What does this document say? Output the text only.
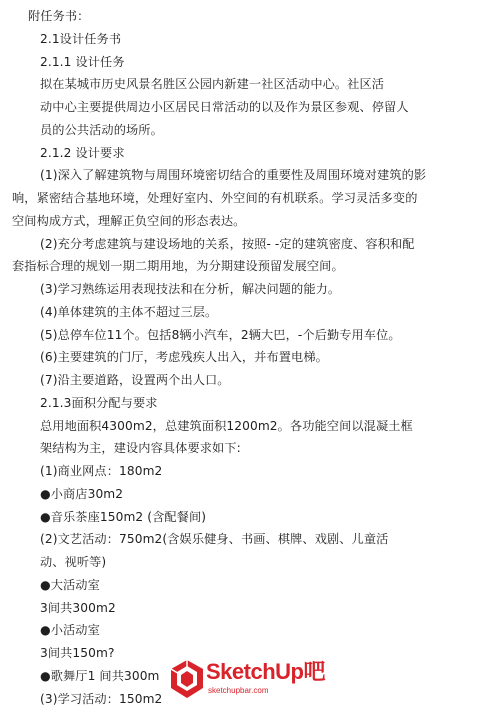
附任务书：
2.1设计任务书
2.1.1 设计任务
拟在某城市历史风景名胜区公园内新建一社区活动中心。社区活
动中心主要提供周边小区居民日常活动的以及作为景区参观、停留人
员的公共活动的场所。
2.1.2 设计要求
(1)深入了解建筑物与周围环境密切结合的重要性及周围环境对建筑的影
响，紧密结合基地环境，处理好室内、外空间的有机联系。学习灵活多变的
空间构成方式，理解正负空间的形态表达。
(2)充分考虑建筑与建设场地的关系，按照- -定的建筑密度、容积和配
套指标合理的规划一期二期用地，为分期建设预留发展空间。
(3)学习熟练运用表现技法和在分析，解决问题的能力。
(4)单体建筑的主体不超过三层。
(5)总停车位11个。包括8辆小汽车，2辆大巴，-个后勤专用车位。
(6)主要建筑的门厅，考虑残疾人出入，并布置电梯。
(7)沿主要道路，设置两个出人口。
2.1.3面积分配与要求
总用地面积4300m2，总建筑面积1200m2。各功能空间以混凝土框
架结构为主，建设内容具体要求如下:
(1)商业网点：180m2
●小商店30m2
●音乐茶座150m2 (含配餐间)
(2)文艺活动：750m2(含娱乐健身、书画、棋牌、戏剧、儿童活
动、视听等)
●大活动室
3间共300m2
●小活动室
3间共150m?
●歌舞厅1 间共300m
(3)学习活动：150m2
SketchUp吧
sketchupbar.com
